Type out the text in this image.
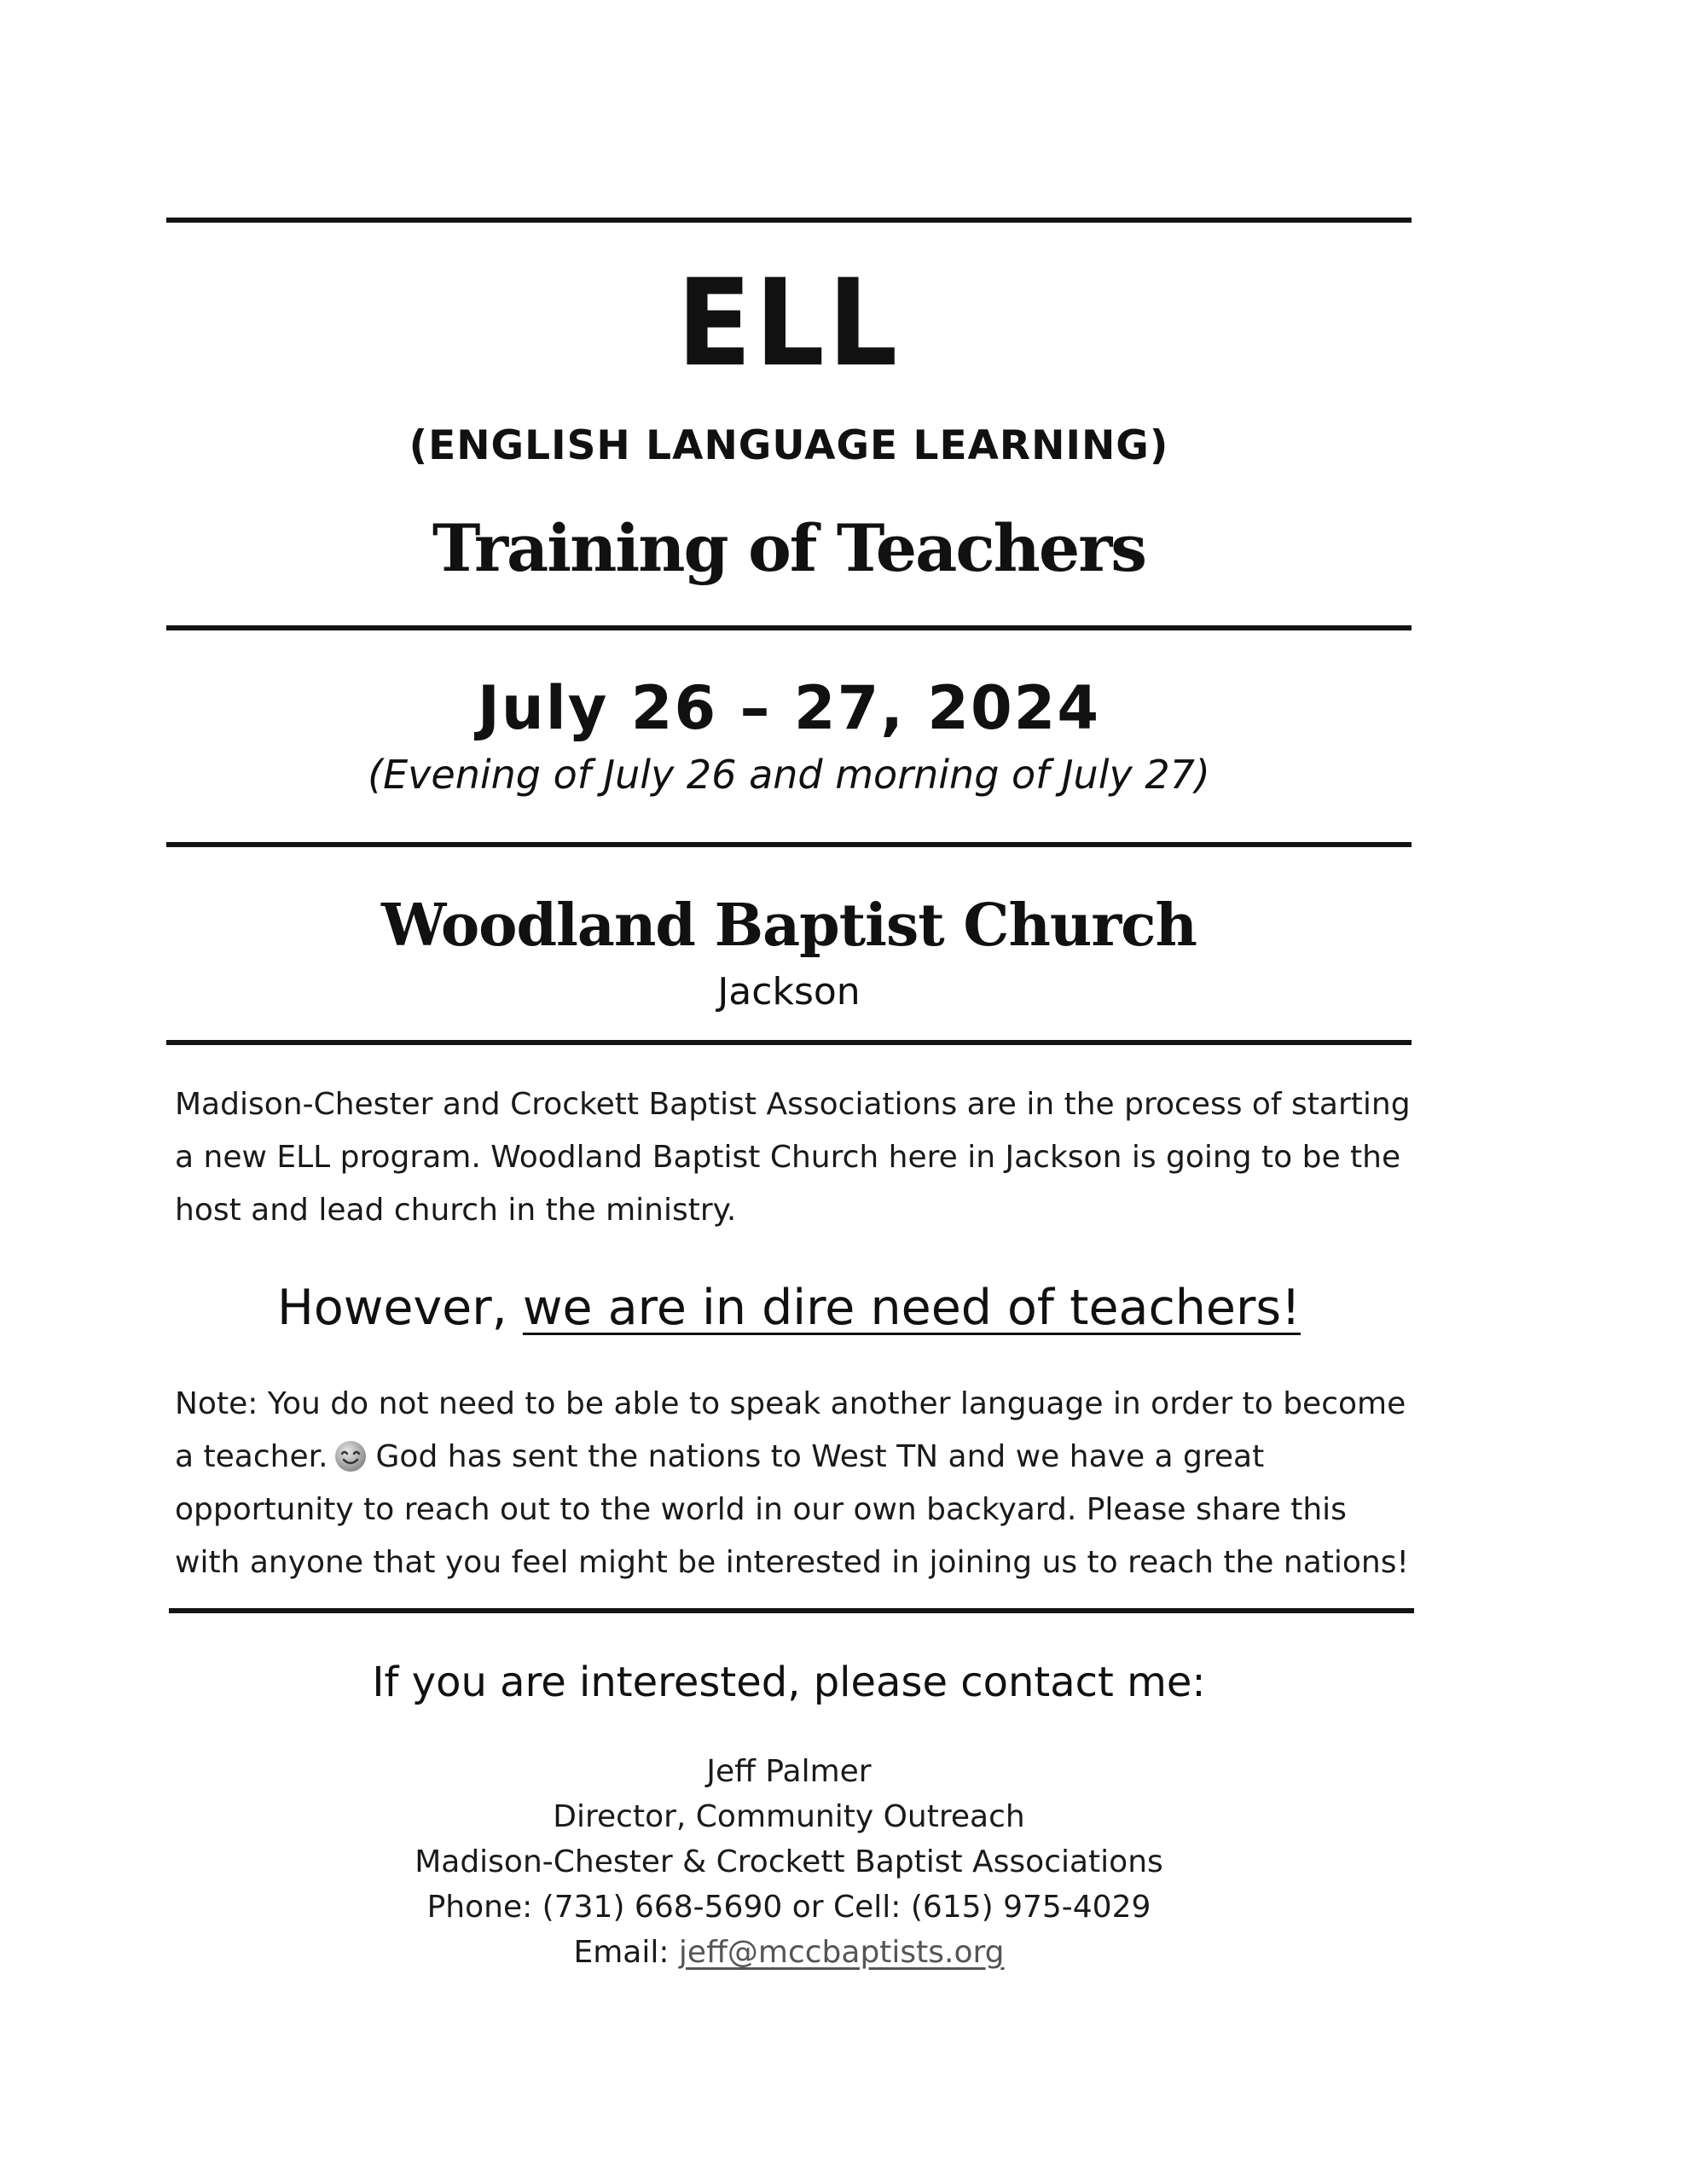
ELL
(ENGLISH LANGUAGE LEARNING)
Training of Teachers
July 26 – 27, 2024
(Evening of July 26 and morning of July 27)
Woodland Baptist Church
Jackson

Madison-Chester and Crockett Baptist Associations are in the process of starting a new ELL program. Woodland Baptist Church here in Jackson is going to be the host and lead church in the ministry.

However, we are in dire need of teachers!

Note: You do not need to be able to speak another language in order to become a teacher. God has sent the nations to West TN and we have a great opportunity to reach out to the world in our own backyard. Please share this with anyone that you feel might be interested in joining us to reach the nations!

If you are interested, please contact me:
Jeff Palmer
Director, Community Outreach
Madison-Chester & Crockett Baptist Associations
Phone: (731) 668-5690 or Cell: (615) 975-4029
Email: jeff@mccbaptists.org
